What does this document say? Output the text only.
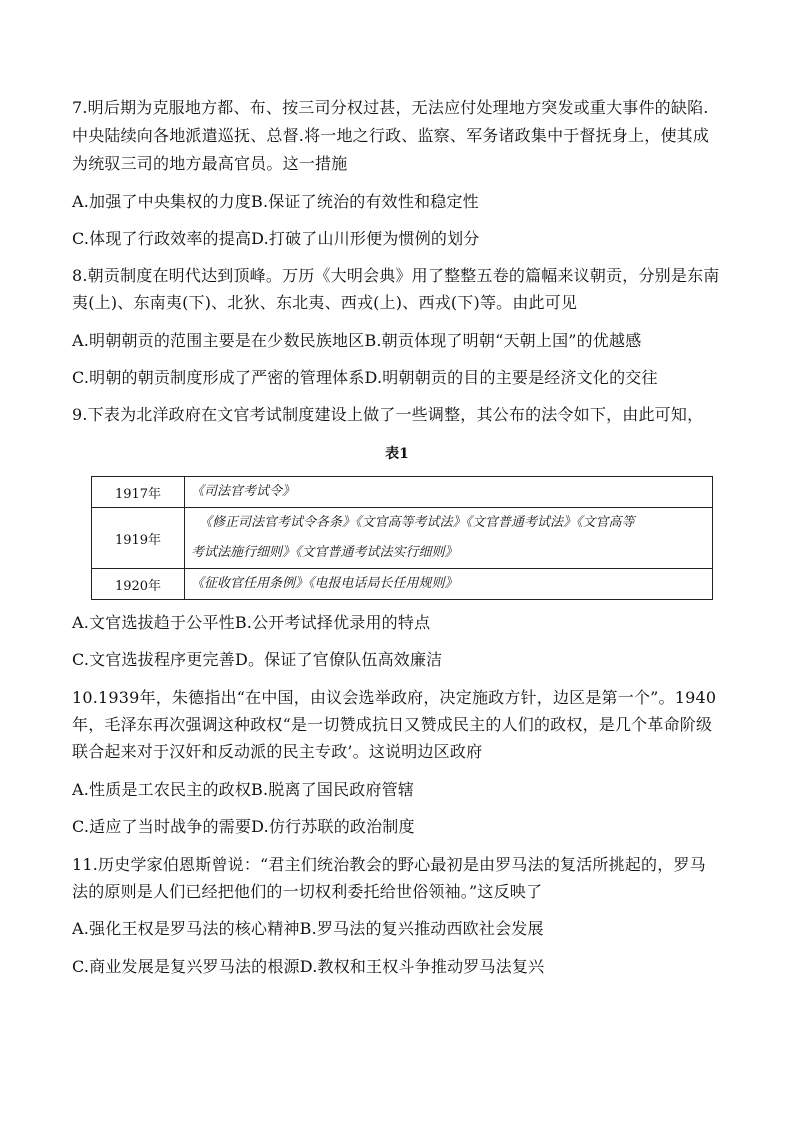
7.明后期为克服地方都、布、按三司分权过甚，无法应付处理地方突发或重大事件的缺陷.
中央陆续向各地派遣巡抚、总督.将一地之行政、监察、军务诸政集中于督抚身上，使其成
为统驭三司的地方最高官员。这一措施
A.加强了中央集权的力度B.保证了统治的有效性和稳定性
C.体现了行政效率的提高D.打破了山川形便为惯例的划分
8.朝贡制度在明代达到顶峰。万历《大明会典》用了整整五卷的篇幅来议朝贡，分别是东南
夷(上)、东南夷(下)、北狄、东北夷、西戎(上)、西戎(下)等。由此可见
A.明朝朝贡的范围主要是在少数民族地区B.朝贡体现了明朝“天朝上国”的优越感
C.明朝的朝贡制度形成了严密的管理体系D.明朝朝贡的目的主要是经济文化的交往
9.下表为北洋政府在文官考试制度建设上做了一些调整，其公布的法令如下，由此可知，
表1
1917年	《司法官考试令》
1919年	《修正司法官考试令各条》《文官高等考试法》《文官普通考试法》《文官高等
考试法施行细则》《文官普通考试法实行细则》

1920年	《征收官任用条例》《电报电话局长任用规则》
A.文官选拔趋于公平性B.公开考试择优录用的特点
C.文官选拔程序更完善D。保证了官僚队伍高效廉洁
10.1939年，朱德指出“在中国，由议会选举政府，决定施政方针，边区是第一个”。1940
年，毛泽东再次强调这种政权“是一切赞成抗日又赞成民主的人们的政权，是几个革命阶级
联合起来对于汉奸和反动派的民主专政’。这说明边区政府
A.性质是工农民主的政权B.脱离了国民政府管辖
C.适应了当时战争的需要D.仿行苏联的政治制度
11.历史学家伯恩斯曾说：“君主们统治教会的野心最初是由罗马法的复活所挑起的，罗马
法的原则是人们已经把他们的一切权利委托给世俗领袖。”这反映了
A.强化王权是罗马法的核心精神B.罗马法的复兴推动西欧社会发展
C.商业发展是复兴罗马法的根源D.教权和王权斗争推动罗马法复兴
